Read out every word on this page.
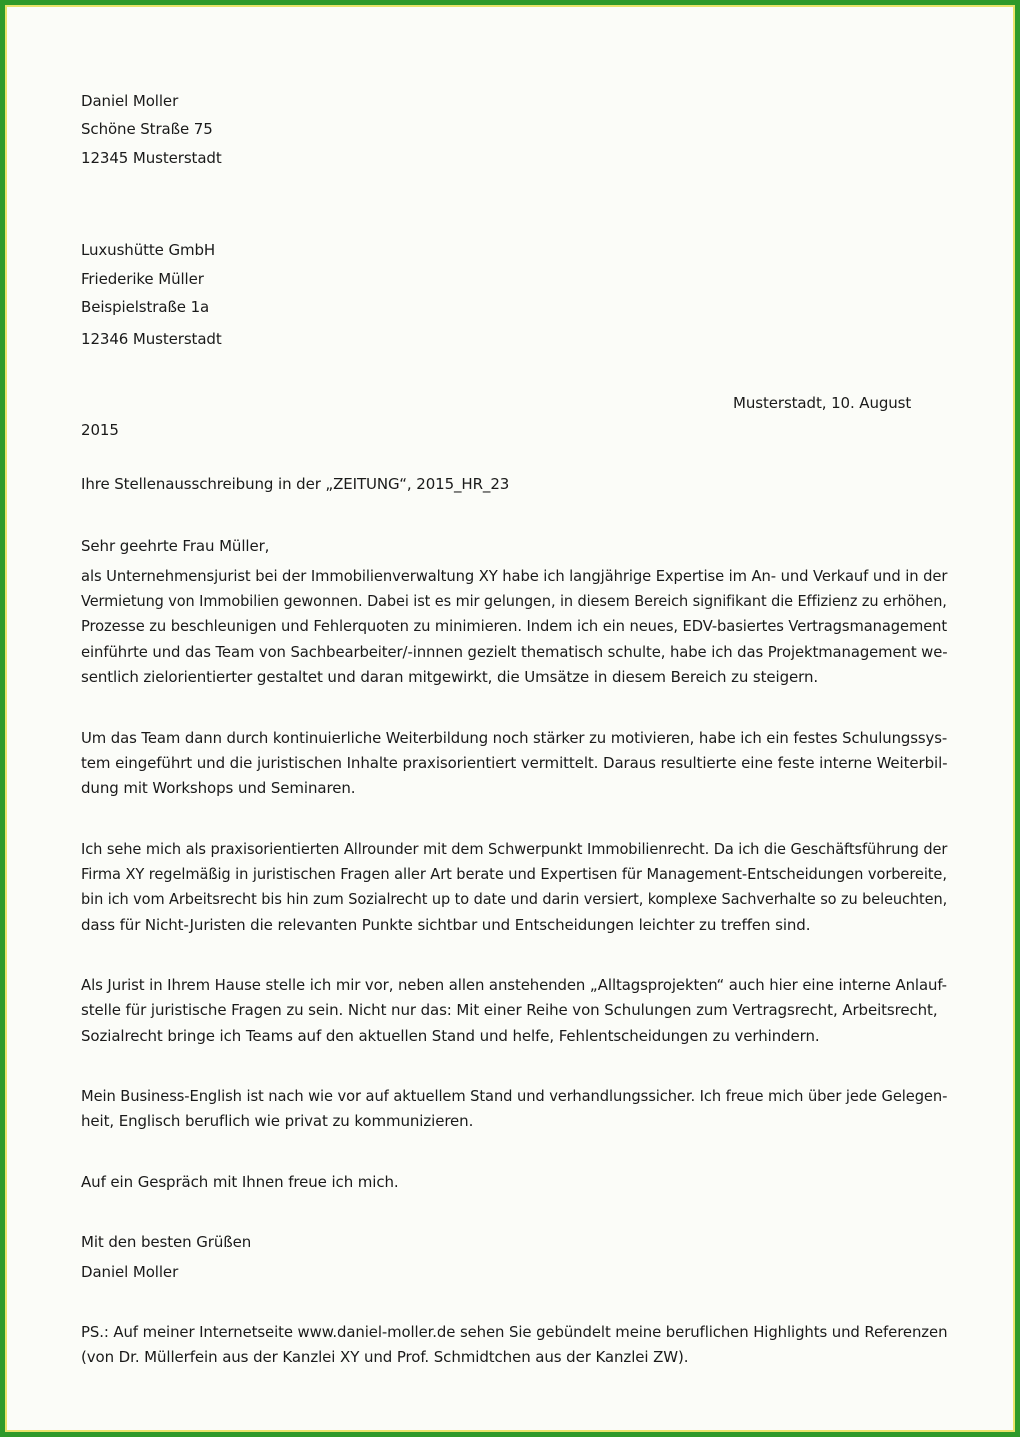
Daniel Moller
Schöne Straße 75
12345 Musterstadt
Luxushütte GmbH
Friederike Müller
Beispielstraße 1a
12346 Musterstadt
Musterstadt, 10. August
2015
Ihre Stellenausschreibung in der „ZEITUNG“, 2015_HR_23
Sehr geehrte Frau Müller,
als Unternehmensjurist bei der Immobilienverwaltung XY habe ich langjährige Expertise im An- und Verkauf und in der
Vermietung von Immobilien gewonnen. Dabei ist es mir gelungen, in diesem Bereich signifikant die Effizienz zu erhöhen,
Prozesse zu beschleunigen und Fehlerquoten zu minimieren. Indem ich ein neues, EDV-basiertes Vertragsmanagement
einführte und das Team von Sachbearbeiter/-innnen gezielt thematisch schulte, habe ich das Projektmanagement we-
sentlich zielorientierter gestaltet und daran mitgewirkt, die Umsätze in diesem Bereich zu steigern.
Um das Team dann durch kontinuierliche Weiterbildung noch stärker zu motivieren, habe ich ein festes Schulungssys-
tem eingeführt und die juristischen Inhalte praxisorientiert vermittelt. Daraus resultierte eine feste interne Weiterbil-
dung mit Workshops und Seminaren.
Ich sehe mich als praxisorientierten Allrounder mit dem Schwerpunkt Immobilienrecht. Da ich die Geschäftsführung der
Firma XY regelmäßig in juristischen Fragen aller Art berate und Expertisen für Management-Entscheidungen vorbereite,
bin ich vom Arbeitsrecht bis hin zum Sozialrecht up to date und darin versiert, komplexe Sachverhalte so zu beleuchten,
dass für Nicht-Juristen die relevanten Punkte sichtbar und Entscheidungen leichter zu treffen sind.
Als Jurist in Ihrem Hause stelle ich mir vor, neben allen anstehenden „Alltagsprojekten“ auch hier eine interne Anlauf-
stelle für juristische Fragen zu sein. Nicht nur das: Mit einer Reihe von Schulungen zum Vertragsrecht, Arbeitsrecht,
Sozialrecht bringe ich Teams auf den aktuellen Stand und helfe, Fehlentscheidungen zu verhindern.
Mein Business-English ist nach wie vor auf aktuellem Stand und verhandlungssicher. Ich freue mich über jede Gelegen-
heit, Englisch beruflich wie privat zu kommunizieren.
Auf ein Gespräch mit Ihnen freue ich mich.
Mit den besten Grüßen
Daniel Moller
PS.: Auf meiner Internetseite www.daniel-moller.de sehen Sie gebündelt meine beruflichen Highlights und Referenzen
(von Dr. Müllerfein aus der Kanzlei XY und Prof. Schmidtchen aus der Kanzlei ZW).
